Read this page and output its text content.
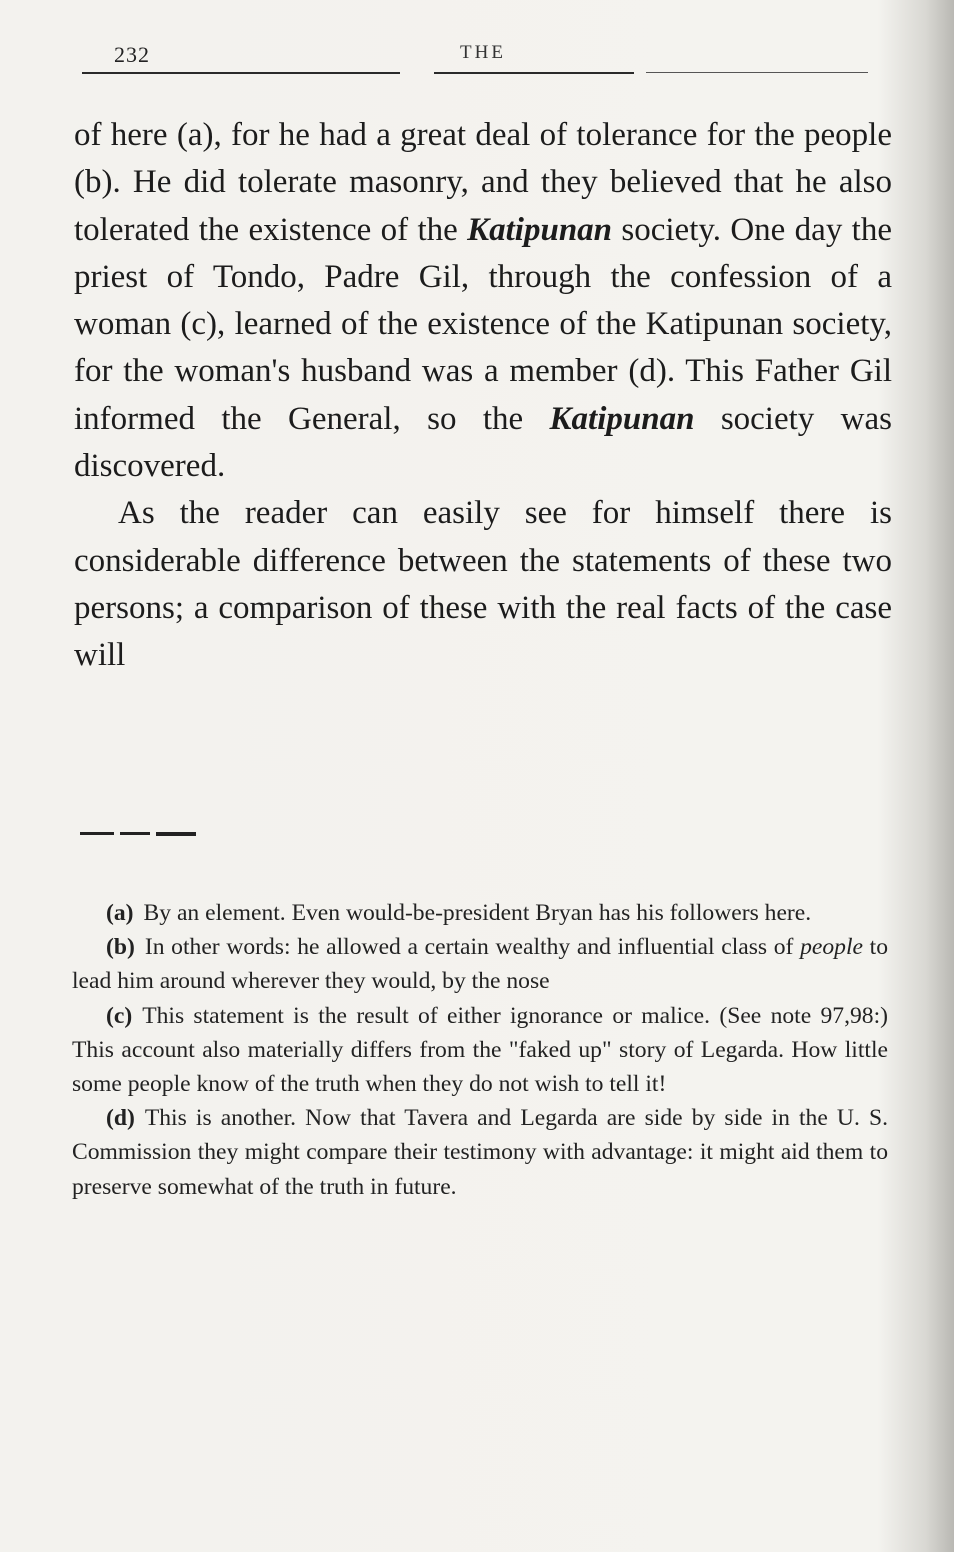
232	THE

of here (a), for he had a great deal of tolerance for the people (b). He did tolerate masonry, and they believed that he also tolerated the existence of the Katipunan society. One day the priest of Tondo, Padre Gil, through the confession of a woman (c), learned of the existence of the Katipunan society, for the woman's husband was a member (d). This Father Gil informed the General, so the Katipunan society was discovered.

As the reader can easily see for himself there is considerable difference between the statements of these two persons; a comparison of these with the real facts of the case will

(a) By an element. Even would-be-president Bryan has his followers here.

(b) In other words: he allowed a certain wealthy and influential class of people to lead him around wherever they would, by the nose

(c) This statement is the result of either ignorance or malice. (See note 97,98:) This account also materially differs from the "faked up" story of Legarda. How little some people know of the truth when they do not wish to tell it!

(d) This is another. Now that Tavera and Legarda are side by side in the U. S. Commission they might compare their testimony with advantage: it might aid them to preserve somewhat of the truth in future.
